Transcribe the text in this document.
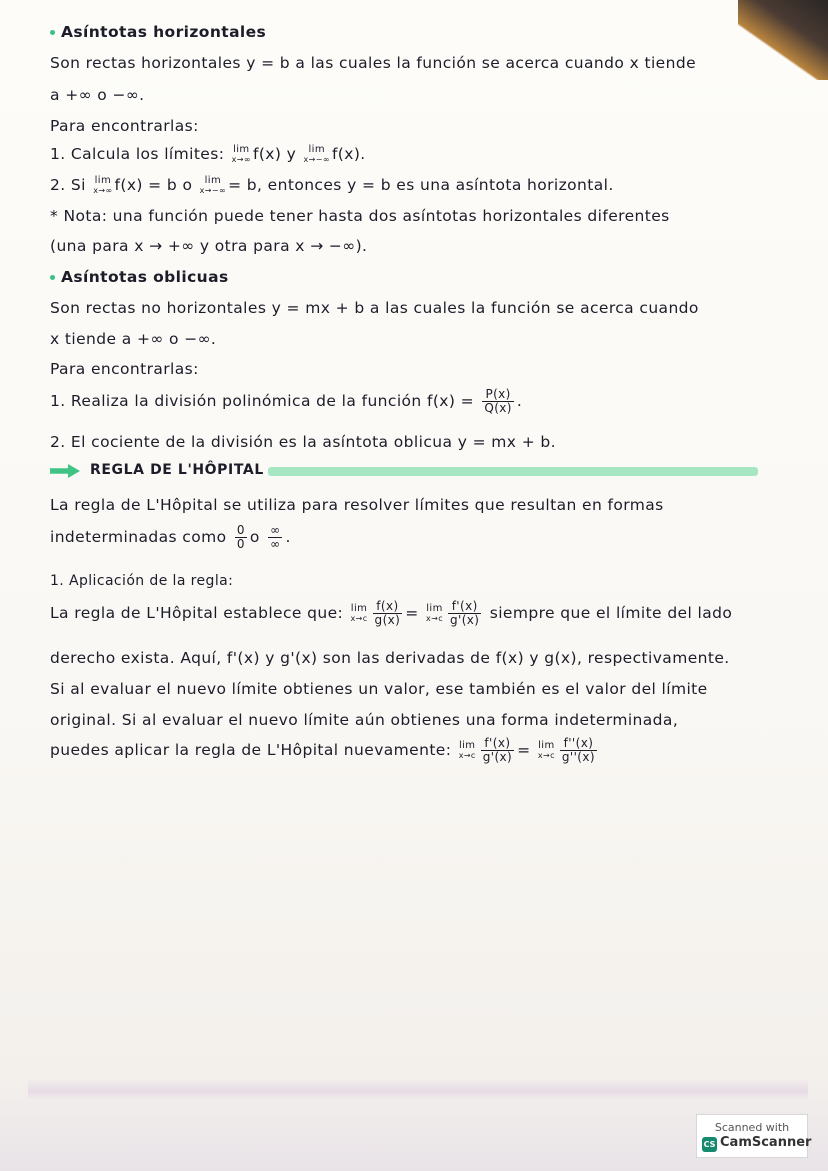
Asíntotas horizontales
Son rectas horizontales y = b a las cuales la función se acerca cuando x tiende
a +∞ o −∞.
Para encontrarlas:
1. Calcula los límites: lim
x→∞ f(x) y lim
x→−∞ f(x).
2. Si lim
x→∞ f(x) = b o lim
x→−∞ = b, entonces y = b es una asíntota horizontal.
* Nota: una función puede tener hasta dos asíntotas horizontales diferentes
(una para x → +∞ y otra para x → −∞).
Asíntotas oblicuas
Son rectas no horizontales y = mx + b a las cuales la función se acerca cuando
x tiende a +∞ o −∞.
Para encontrarlas:
1. Realiza la división polinómica de la función $f(x) = \frac{P(x)}{Q(x)}$ .
2. El cociente de la división es la asíntota oblicua y = mx + b.
REGLA DE L'HÔPITAL
La regla de L'Hôpital se utiliza para resolver límites que resultan en formas
indeterminadas como $\frac{0}{0}$ o $\frac{\infty}{\infty}$ .
1. Aplicación de la regla:
La regla de L'Hôpital establece que: lim
$x\to c \frac{f(x)}{g(x)} = \lim$
$x\to c \frac{f'(x)}{g'(x)}$ siempre que el límite del lado
derecho exista. Aquí, f'(x) y g'(x) son las derivadas de f(x) y g(x), respectivamente.
Si al evaluar el nuevo límite obtienes un valor, ese también es el valor del límite
original. Si al evaluar el nuevo límite aún obtienes una forma indeterminada,
puedes aplicar la regla de L'Hôpital nuevamente: lim
$x\to c \frac{f'(x)}{g'(x)} = \lim$
$x\to c \frac{f''(x)}{g''(x)}$
Scanned with
CS CamScanner
